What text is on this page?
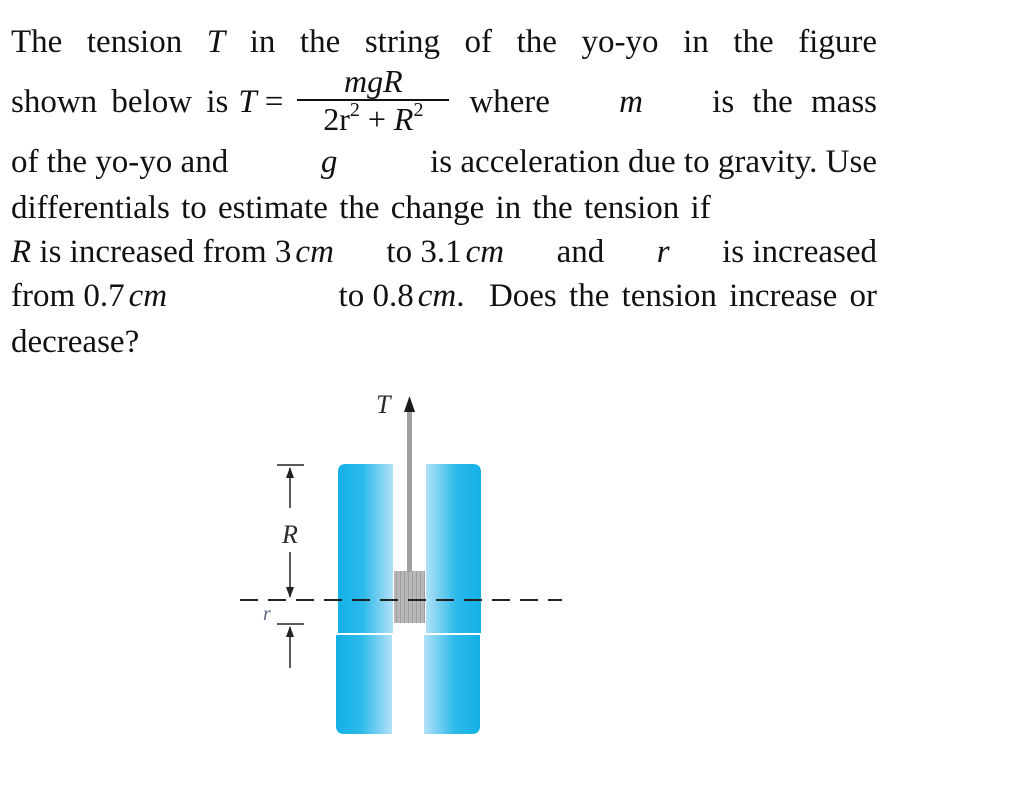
The tension T in the string of the yo-yo in the figure
shown below is $T = \frac{\text{mgR}}{2r^2 + R^2}$ where m is the mass
of the yo-yo and	g	is acceleration due to gravity. Use
differentials to estimate the change in the tension if
R is increased from 3 cm to 3.1 cm and r is increased
from 0.7 cm	to 0.8 cm.  Does the tension increase or
decrease?
T
R
r
